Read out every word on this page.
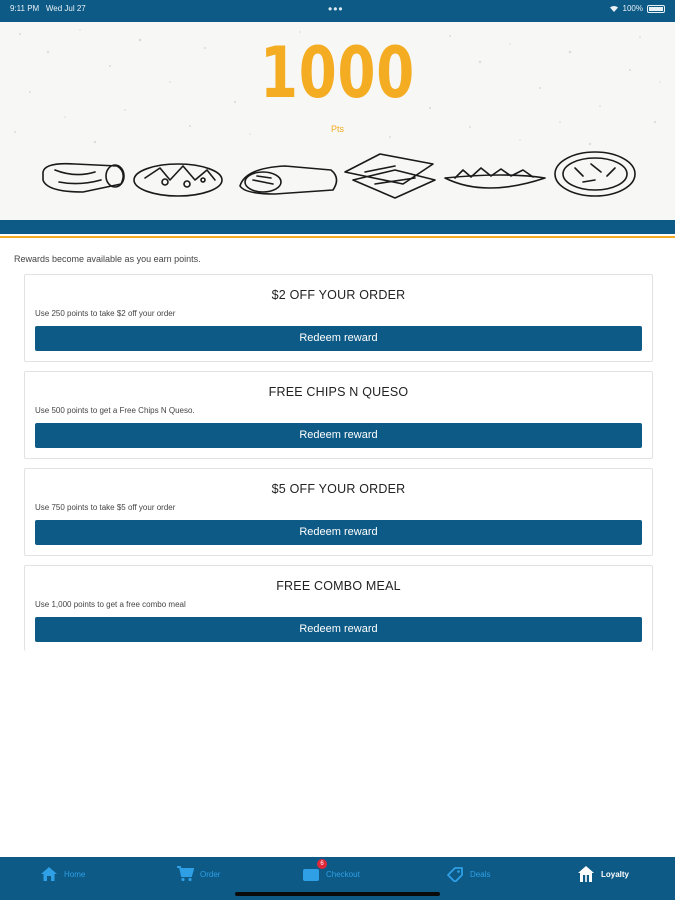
9:11 PM Wed Jul 27	•••	100%
1000
Pts
Rewards become available as you earn points.
$2 OFF YOUR ORDER
Use 250 points to take $2 off your order
Redeem reward
FREE CHIPS N QUESO
Use 500 points to get a Free Chips N Queso.
Redeem reward
$5 OFF YOUR ORDER
Use 750 points to take $5 off your order
Redeem reward
FREE COMBO MEAL
Use 1,000 points to get a free combo meal
Redeem reward
Home	Order
6
Checkout	Deals	Loyalty
